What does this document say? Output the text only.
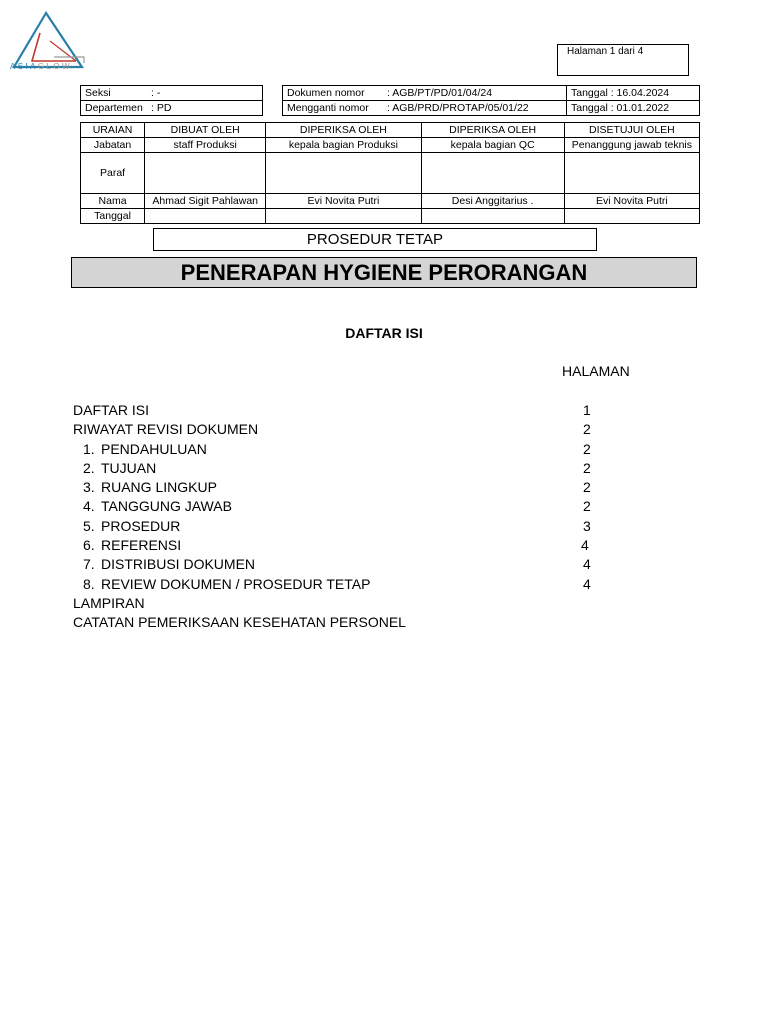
ASIAGLOW
Halaman 1 dari 4
Seksi	: -
Departemen : PD
Dokumen nomor : AGB/PT/PD/01/04/24	Tanggal : 16.04.2024
Mengganti nomor : AGB/PRD/PROTAP/05/01/22	Tanggal : 01.01.2022
URAIAN	DIBUAT OLEH	DIPERIKSA OLEH	DIPERIKSA OLEH	DISETUJUI OLEH
Jabatan	staff Produksi	kepala bagian Produksi	kepala bagian QC	Penanggung jawab teknis
Paraf				
Nama	Ahmad Sigit Pahlawan	Evi Novita Putri	Desi Anggitarius .	Evi Novita Putri
Tanggal				
PROSEDUR TETAP
PENERAPAN HYGIENE PERORANGAN
DAFTAR ISI
HALAMAN
DAFTAR ISI	1
RIWAYAT REVISI DOKUMEN	2
1. PENDAHULUAN	2
2. TUJUAN	2
3. RUANG LINGKUP	2
4. TANGGUNG JAWAB	2
5. PROSEDUR	3
6. REFERENSI	4
7. DISTRIBUSI DOKUMEN	4
8. REVIEW DOKUMEN / PROSEDUR TETAP	4
LAMPIRAN
CATATAN PEMERIKSAAN KESEHATAN PERSONEL
